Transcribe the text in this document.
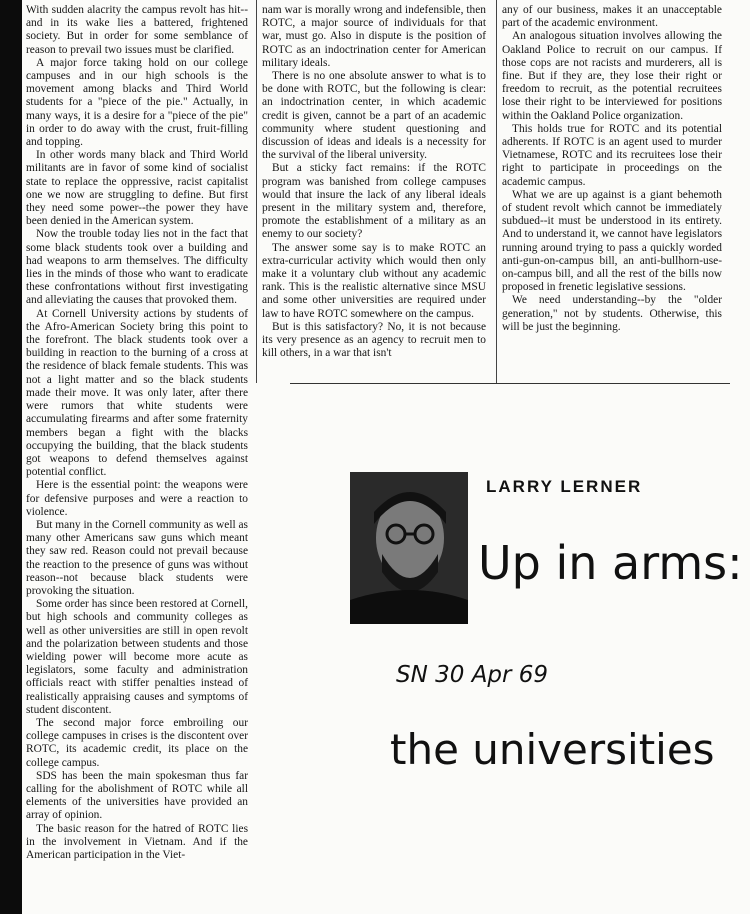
With sudden alacrity the campus revolt has hit--and in its wake lies a battered, frightened society. But in order for some semblance of reason to prevail two issues must be clarified.

A major force taking hold on our college campuses and in our high schools is the movement among blacks and Third World students for a "piece of the pie." Actually, in many ways, it is a desire for a "piece of the pie" in order to do away with the crust, fruit-filling and topping.

In other words many black and Third World militants are in favor of some kind of socialist state to replace the oppressive, racist capitalist one we now are struggling to define. But first they need some power--the power they have been denied in the American system.

Now the trouble today lies not in the fact that some black students took over a building and had weapons to arm themselves. The difficulty lies in the minds of those who want to eradicate these confrontations without first investigating and alleviating the causes that provoked them.

At Cornell University actions by students of the Afro-American Society bring this point to the forefront. The black students took over a building in reaction to the burning of a cross at the residence of black female students. This was not a light matter and so the black students made their move. It was only later, after there were rumors that white students were accumulating firearms and after some fraternity members began a fight with the blacks occupying the building, that the black students got weapons to defend themselves against potential conflict.

Here is the essential point: the weapons were for defensive purposes and were a reaction to violence.

But many in the Cornell community as well as many other Americans saw guns which meant they saw red. Reason could not prevail because the reaction to the presence of guns was without reason--not because black students were provoking the situation.

Some order has since been restored at Cornell, but high schools and community colleges as well as other universities are still in open revolt and the polarization between students and those wielding power will become more acute as legislators, some faculty and administration officials react with stiffer penalties instead of realistically appraising causes and symptoms of student discontent.

The second major force embroiling our college campuses in crises is the discontent over ROTC, its academic credit, its place on the college campus.

SDS has been the main spokesman thus far calling for the abolishment of ROTC while all elements of the universities have provided an array of opinion.

The basic reason for the hatred of ROTC lies in the involvement in Vietnam. And if the American participation in the Viet-

nam war is morally wrong and indefensible, then ROTC, a major source of individuals for that war, must go. Also in dispute is the position of ROTC as an indoctrination center for American military ideals.

There is no one absolute answer to what is to be done with ROTC, but the following is clear: an indoctrination center, in which academic credit is given, cannot be a part of an academic community where student questioning and discussion of ideas and ideals is a necessity for the survival of the liberal university.

But a sticky fact remains: if the ROTC program was banished from college campuses would that insure the lack of any liberal ideals present in the military system and, therefore, promote the establishment of a military as an enemy to our society?

The answer some say is to make ROTC an extra-curricular activity which would then only make it a voluntary club without any academic rank. This is the realistic alternative since MSU and some other universities are required under law to have ROTC somewhere on the campus.

But is this satisfactory? No, it is not because its very presence as an agency to recruit men to kill others, in a war that isn't

any of our business, makes it an unacceptable part of the academic environment.

An analogous situation involves allowing the Oakland Police to recruit on our campus. If those cops are not racists and murderers, all is fine. But if they are, they lose their right or freedom to recruit, as the potential recruitees lose their right to be interviewed for positions within the Oakland Police organization.

This holds true for ROTC and its potential adherents. If ROTC is an agent used to murder Vietnamese, ROTC and its recruitees lose their right to participate in proceedings on the academic campus.

What we are up against is a giant behemoth of student revolt which cannot be immediately subdued--it must be understood in its entirety. And to understand it, we cannot have legislators running around trying to pass a quickly worded anti-gun-on-campus bill, an anti-bullhorn-use-on-campus bill, and all the rest of the bills now proposed in frenetic legislative sessions.

We need understanding--by the "older generation," not by students. Otherwise, this will be just the beginning.

LARRY LERNER
Up in arms:
SN 30 Apr 69
the universities
